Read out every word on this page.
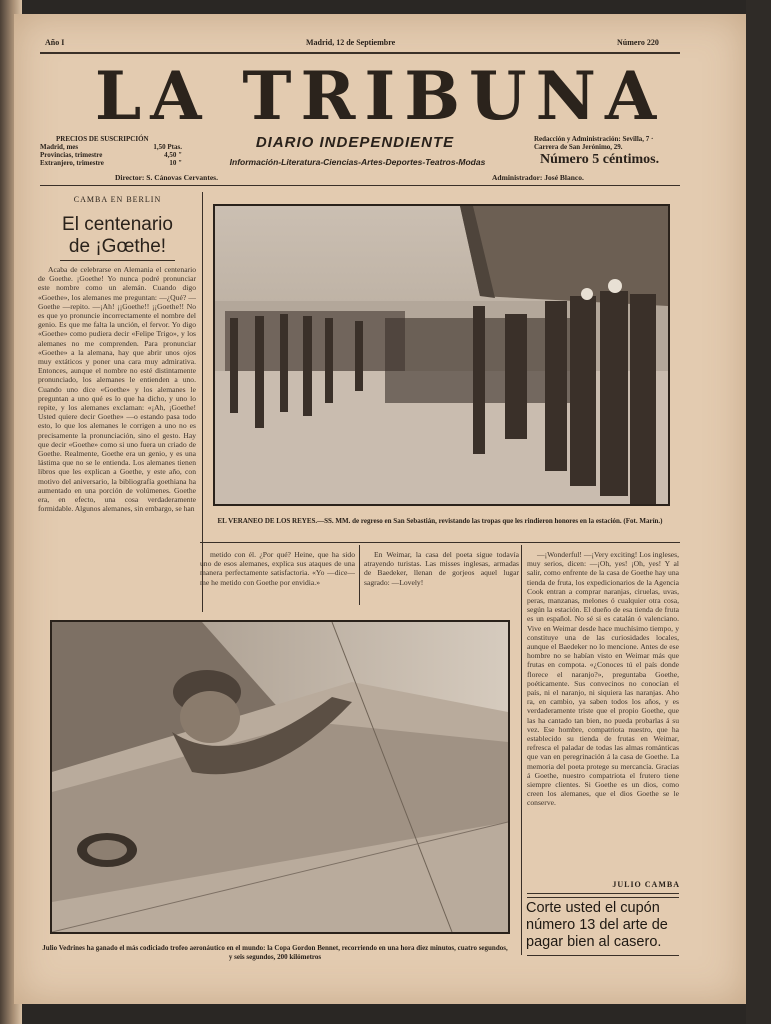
Año I	Madrid, 12 de Septiembre	Número 220
LA TRIBUNA
DIARIO INDEPENDIENTE
Información-Literatura-Ciencias-Artes-Deportes-Teatros-Modas
PRECIOS DE SUSCRIPCIÓN
Madrid, mes	1,50 Ptas.
Provincias, trimestre	4,50 "
Extranjero, trimestre	10 "
Redacción y Administración: Sevilla, 7 · Carrera de San Jerónimo, 29.
Número 5 céntimos.
Director: S. Cánovas Cervantes.	Administrador: José Blanco.
CAMBA EN BERLIN
El centenario
de ¡Gœthe!

Acaba de celebrarse en Alemania el centenario de Goethe. ¡Goethe! Yo nunca podré pronunciar este nombre como un alemán. Cuando digo «Goethe», los alemanes me preguntan: —¿Qué? —Goethe —repito. —¡Ah! ¡¡Goethe!! ¡¡Goethe!! No es que yo pronuncie incorrectamente el nombre del genio. Es que me falta la unción, el fervor. Yo digo «Goethe» como pudiera decir «Felipe Trigo», y los alemanes no me comprenden. Para pronunciar «Goethe» a la alemana, hay que abrir unos ojos muy extáticos y poner una cara muy admirativa. Entonces, aunque el nombre no esté distintamente pronunciado, los alemanes le entienden a uno. Cuando uno dice «Goethe» y los alemanes le preguntan a uno qué es lo que ha dicho, y uno lo repite, y los alemanes exclaman: «¡Ah, ¡Goethe! Usted quiere decir Goethe» —o estando pasa todo esto, lo que los alemanes le corrigen a uno no es precisamente la pronunciación, sino el gesto. Hay que decir «Goethe» como si uno fuera un criado de Goethe. Realmente, Goethe era un genio, y es una lástima que no se le entienda. Los alemanes tienen libros que les explican a Goethe, y este año, con motivo del aniversario, la bibliografía goethiana ha aumentado en una porción de volúmenes. Goethe era, en efecto, una cosa verdaderamente formidable. Algunos alemanes, sin embargo, se han

EL VERANEO DE LOS REYES.—SS. MM. de regreso en San Sebastián, revistando las tropas que les rindieron honores en la estación. (Fot. Marín.)

metido con él. ¿Por qué? Heine, que ha sido uno de esos alemanes, explica sus ataques de una manera perfectamente satisfactoria. «Yo —dice— me he metido con Goethe por envidia.»

En Weimar, la casa del poeta sigue todavía atrayendo turistas. Las misses inglesas, armadas de Baedeker, llenan de gorjeos aquel lugar sagrado: —Lovely!

—¡Wonderful! —¡Very exciting! Los ingleses, muy serios, dicen: —¡Oh, yes! ¡Oh, yes! Y al salir, como enfrente de la casa de Goethe hay una tienda de fruta, los expedicionarios de la Agencia Cook entran a comprar naranjas, ciruelas, uvas, peras, manzanas, melones ó cualquier otra cosa, según la estación. El dueño de esa tienda de fruta es un español. No sé si es catalán ó valenciano. Vive en Weimar desde hace muchísimo tiempo, y constituye una de las curiosidades locales, aunque el Baedeker no lo mencione. Antes de ese hombre no se habían visto en Weimar más que frutas en compota. «¿Conoces tú el país donde florece el naranjo?», preguntaba Goethe, poéticamente. Sus convecinos no conocían el país, ni el naranjo, ni siquiera las naranjas. Aho ra, en cambio, ya saben todos los años, y es verdaderamente triste que el propio Goethe, que las ha cantado tan bien, no pueda probarlas á su vez. Ese hombre, compatriota nuestro, que ha establecido su tienda de frutas en Weimar, refresca el paladar de todas las almas románticas que van en peregrinación á la casa de Goethe. La memoria del poeta protege su mercancía. Gracias á Goethe, nuestro compatriota el frutero tiene siempre clientes. Si Goethe es un dios, como creen los alemanes, que el dios Goethe se le conserve.

JULIO CAMBA
Julio Vedrines ha ganado el más codiciado trofeo aeronáutico en el mundo: la Copa Gordon Bennet, recorriendo en una hora diez minutos, cuatro segundos, y seis segundos, 200 kilómetros
Corte usted el cupón
número 13 del arte de
pagar bien al casero.
